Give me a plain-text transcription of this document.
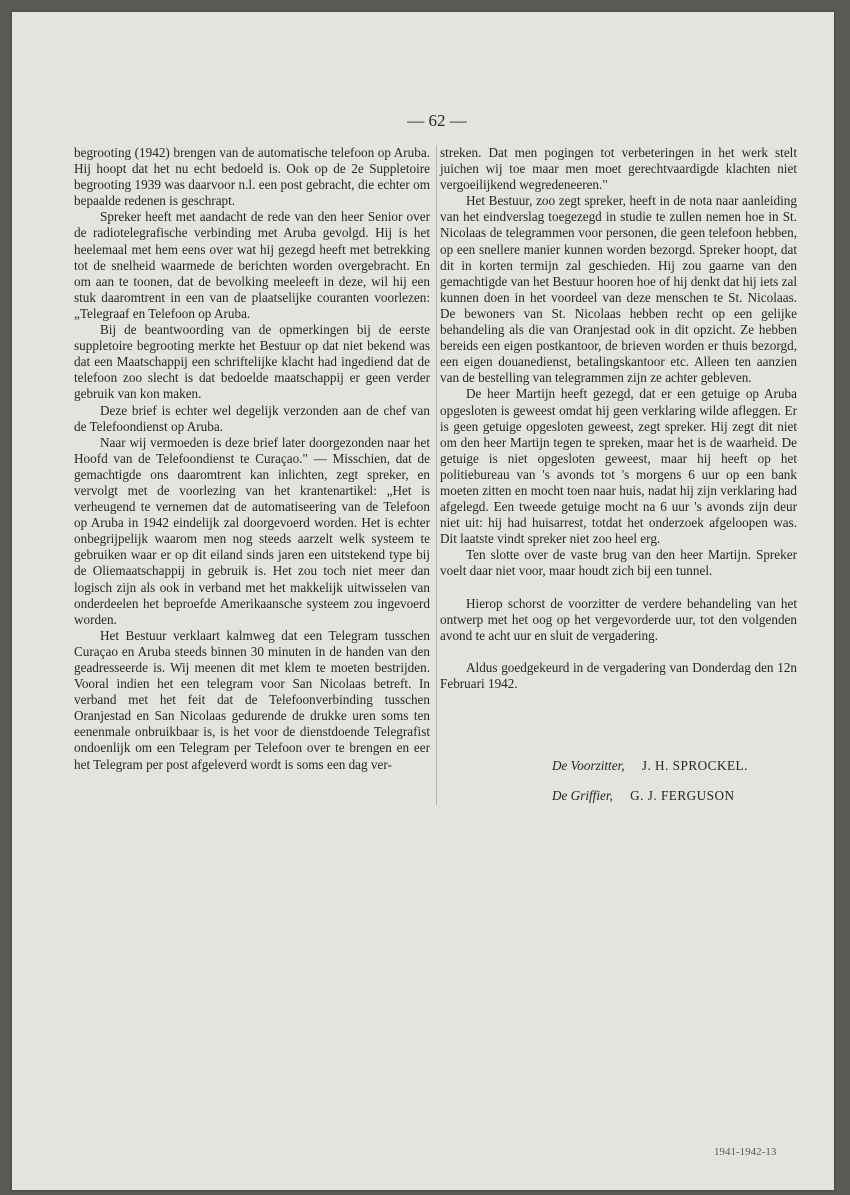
— 62 —

begrooting (1942) brengen van de automatische telefoon op Aruba. Hij hoopt dat het nu echt bedoeld is. Ook op de 2e Suppletoire begrooting 1939 was daarvoor n.l. een post gebracht, die echter om bepaalde redenen is geschrapt.

Spreker heeft met aandacht de rede van den heer Senior over de radiotelegrafische verbinding met Aruba gevolgd. Hij is het heelemaal met hem eens over wat hij gezegd heeft met betrekking tot de snelheid waarmede de berichten worden overgebracht. En om aan te toonen, dat de bevolking meeleeft in deze, wil hij een stuk daaromtrent in een van de plaatselijke couranten voorlezen: „Telegraaf en Telefoon op Aruba.

Bij de beantwoording van de opmerkingen bij de eerste suppletoire begrooting merkte het Bestuur op dat niet bekend was dat een Maatschappij een schriftelijke klacht had ingediend dat de telefoon zoo slecht is dat bedoelde maatschappij er geen verder gebruik van kon maken.

Deze brief is echter wel degelijk verzonden aan de chef van de Telefoondienst op Aruba.

Naar wij vermoeden is deze brief later doorgezonden naar het Hoofd van de Telefoondienst te Curaçao." — Misschien, dat de gemachtigde ons daaromtrent kan inlichten, zegt spreker, en vervolgt met de voorlezing van het krantenartikel: „Het is verheugend te vernemen dat de automatiseering van de Telefoon op Aruba in 1942 eindelijk zal doorgevoerd worden. Het is echter onbegrijpelijk waarom men nog steeds aarzelt welk systeem te gebruiken waar er op dit eiland sinds jaren een uitstekend type bij de Oliemaatschappij in gebruik is. Het zou toch niet meer dan logisch zijn als ook in verband met het makkelijk uitwisselen van onderdeelen het beproefde Amerikaansche systeem zou ingevoerd worden.

Het Bestuur verklaart kalmweg dat een Telegram tusschen Curaçao en Aruba steeds binnen 30 minuten in de handen van den geadresseerde is. Wij meenen dit met klem te moeten bestrijden. Vooral indien het een telegram voor San Nicolaas betreft. In verband met het feit dat de Telefoonverbinding tusschen Oranjestad en San Nicolaas gedurende de drukke uren soms ten eenenmale onbruikbaar is, is het voor de dienstdoende Telegrafist ondoenlijk om een Telegram per Telefoon over te brengen en eer het Telegram per post afgeleverd wordt is soms een dag ver-

streken. Dat men pogingen tot verbeteringen in het werk stelt juichen wij toe maar men moet gerechtvaardigde klachten niet vergoeilijkend wegredeneeren."

Het Bestuur, zoo zegt spreker, heeft in de nota naar aanleiding van het eindverslag toegezegd in studie te zullen nemen hoe in St. Nicolaas de telegrammen voor personen, die geen telefoon hebben, op een snellere manier kunnen worden bezorgd. Spreker hoopt, dat dit in korten termijn zal geschieden. Hij zou gaarne van den gemachtigde van het Bestuur hooren hoe of hij denkt dat hij iets zal kunnen doen in het voordeel van deze menschen te St. Nicolaas. De bewoners van St. Nicolaas hebben recht op een gelijke behandeling als die van Oranjestad ook in dit opzicht. Ze hebben bereids een eigen postkantoor, de brieven worden er thuis bezorgd, een eigen douanedienst, betalingskantoor etc. Alleen ten aanzien van de bestelling van telegrammen zijn ze achter gebleven.

De heer Martijn heeft gezegd, dat er een getuige op Aruba opgesloten is geweest omdat hij geen verklaring wilde afleggen. Er is geen getuige opgesloten geweest, zegt spreker. Hij zegt dit niet om den heer Martijn tegen te spreken, maar het is de waarheid. De getuige is niet opgesloten geweest, maar hij heeft op het politiebureau van 's avonds tot 's morgens 6 uur op een bank moeten zitten en mocht toen naar huis, nadat hij zijn verklaring had afgelegd. Een tweede getuige mocht na 6 uur 's avonds zijn deur niet uit: hij had huisarrest, totdat het onderzoek afgeloopen was. Dit laatste vindt spreker niet zoo heel erg.

Ten slotte over de vaste brug van den heer Martijn. Spreker voelt daar niet voor, maar houdt zich bij een tunnel.

Hierop schorst de voorzitter de verdere behandeling van het ontwerp met het oog op het vergevorderde uur, tot den volgenden avond te acht uur en sluit de vergadering.

Aldus goedgekeurd in de vergadering van Donderdag den 12n Februari 1942.

De Voorzitter, J. H. SPROCKEL.
De Griffier, G. J. FERGUSON
1941-1942-13
